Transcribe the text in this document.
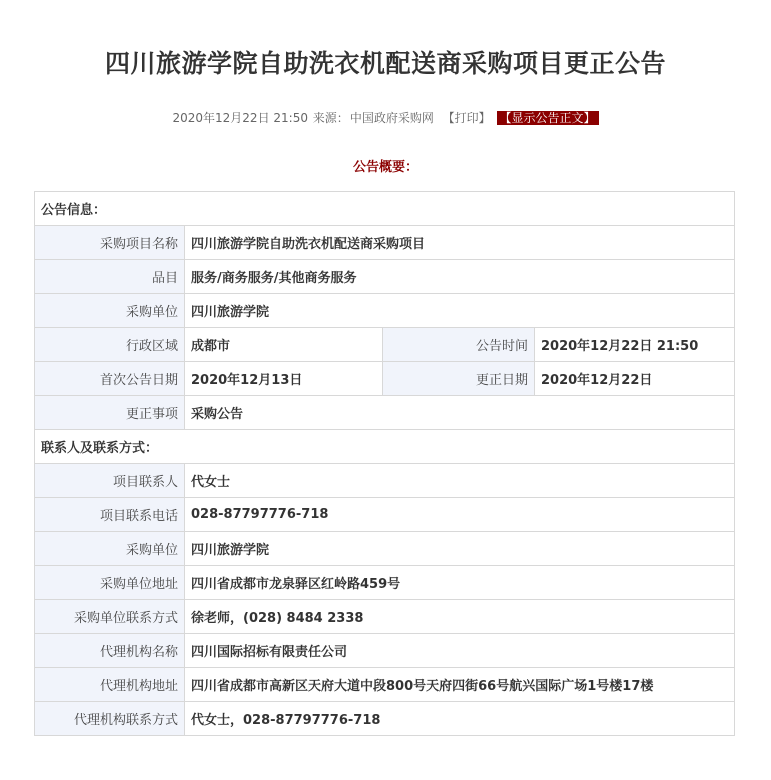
四川旅游学院自助洗衣机配送商采购项目更正公告
2020年12月22日 21:50 来源：中国政府采购网 【打印】 【显示公告正文】
公告概要：
公告信息：			
采购项目名称	四川旅游学院自助洗衣机配送商采购项目		
品目	服务/商务服务/其他商务服务		
采购单位	四川旅游学院		
行政区域	成都市	公告时间	2020年12月22日 21:50
首次公告日期	2020年12月13日	更正日期	2020年12月22日
更正事项	采购公告		
联系人及联系方式：			
项目联系人	代女士		
项目联系电话	028-87797776-718		
采购单位	四川旅游学院		
采购单位地址	四川省成都市龙泉驿区红岭路459号		
采购单位联系方式	徐老师，(028) 8484 2338		
代理机构名称	四川国际招标有限责任公司		
代理机构地址	四川省成都市高新区天府大道中段800号天府四街66号航兴国际广场1号楼17楼		
代理机构联系方式	代女士，028-87797776-718		
